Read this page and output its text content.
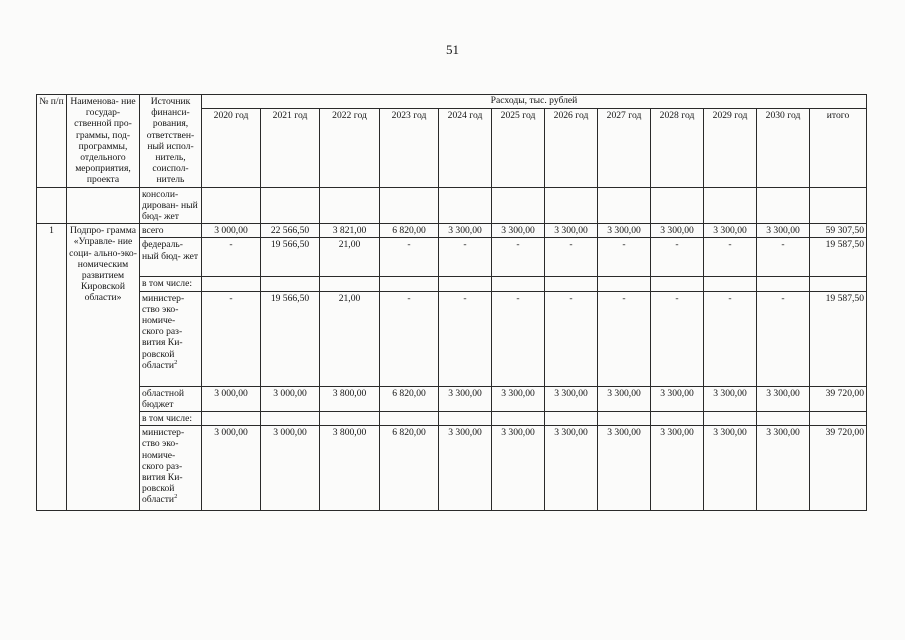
51
№ п/п	Наименова- ние государ- ственной про- граммы, под- программы, отдельного мероприятия, проекта	Источник финанси- рования, ответствен- ный испол- нитель, соиспол- нитель	Расходы, тыс. рублей											
			2020 год	2021 год	2022 год	2023 год	2024 год	2025 год	2026 год	2027 год	2028 год	2029 год	2030 год	итого
		консоли- дирован- ный бюд- жет												
1	Подпро- грамма «Управле- ние соци- ально-эко- номическим развитием Кировской области»	всего	3 000,00	22 566,50	3 821,00	6 820,00	3 300,00	3 300,00	3 300,00	3 300,00	3 300,00	3 300,00	3 300,00	59 307,50
		федераль- ный бюд- жет	-	19 566,50	21,00	-	-	-	-	-	-	-	-	19 587,50
		в том числе:												
		министер- ство эко- номиче- ского раз- вития Ки- ровской области$^2$	-	19 566,50	21,00	-	-	-	-	-	-	-	-	19 587,50
		областной бюджет	3 000,00	3 000,00	3 800,00	6 820,00	3 300,00	3 300,00	3 300,00	3 300,00	3 300,00	3 300,00	3 300,00	39 720,00
		в том числе:												
		министер- ство эко- номиче- ского раз- вития Ки- ровской области$^2$	3 000,00	3 000,00	3 800,00	6 820,00	3 300,00	3 300,00	3 300,00	3 300,00	3 300,00	3 300,00	3 300,00	39 720,00
